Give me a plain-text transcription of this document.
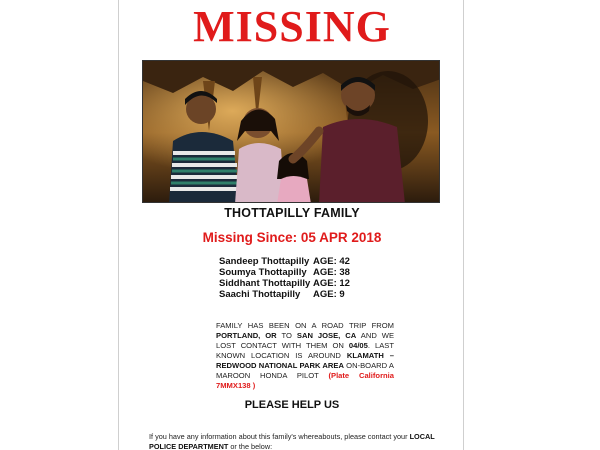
MISSING
THOTTAPILLY FAMILY
Missing Since: 05 APR 2018
Sandeep Thottapilly AGE: 42
Soumya Thottapilly AGE: 38
Siddhant Thottapilly AGE: 12
Saachi Thottapilly	AGE: 9
FAMILY HAS BEEN ON A ROAD TRIP FROM PORTLAND, OR TO SAN JOSE, CA AND WE LOST CONTACT WITH THEM ON 04/05. LAST KNOWN LOCATION IS AROUND KLAMATH – REDWOOD NATIONAL PARK AREA ON-BOARD A MAROON HONDA PILOT (Plate California 7MMX138 )
PLEASE HELP US
If you have any information about this family's whereabouts, please contact your LOCAL POLICE DEPARTMENT or the below:
